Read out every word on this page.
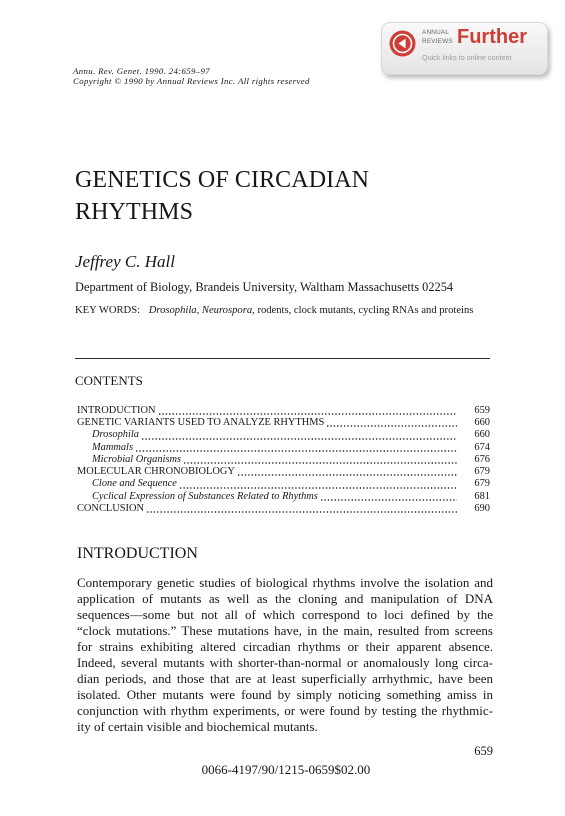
ANNUAL
REVIEWS Further
Quick links to online content
Annu. Rev. Genet. 1990. 24:659–97
Copyright © 1990 by Annual Reviews Inc. All rights reserved
GENETICS OF CIRCADIAN
RHYTHMS
Jeffrey C. Hall
Department of Biology, Brandeis University, Waltham Massachusetts 02254
KEY WORDS: Drosophila, Neurospora, rodents, clock mutants, cycling RNAs and proteins
CONTENTS
INTRODUCTION	659
GENETIC VARIANTS USED TO ANALYZE RHYTHMS	660
Drosophila	660
Mammals	674
Microbial Organisms	676
MOLECULAR CHRONOBIOLOGY	679
Clone and Sequence	679
Cyclical Expression of Substances Related to Rhythms	681
CONCLUSION	690
INTRODUCTION
Contemporary genetic studies of biological rhythms involve the isolation and
application of mutants as well as the cloning and manipulation of DNA
sequences—some but not all of which correspond to loci defined by the
“clock mutations.” These mutations have, in the main, resulted from screens
for strains exhibiting altered circadian rhythms or their apparent absence.
Indeed, several mutants with shorter-than-normal or anomalously long circa-
dian periods, and those that are at least superficially arrhythmic, have been
isolated. Other mutants were found by simply noticing something amiss in
conjunction with rhythm experiments, or were found by testing the rhythmic-
ity of certain visible and biochemical mutants.
659
0066-4197/90/1215-0659$02.00
